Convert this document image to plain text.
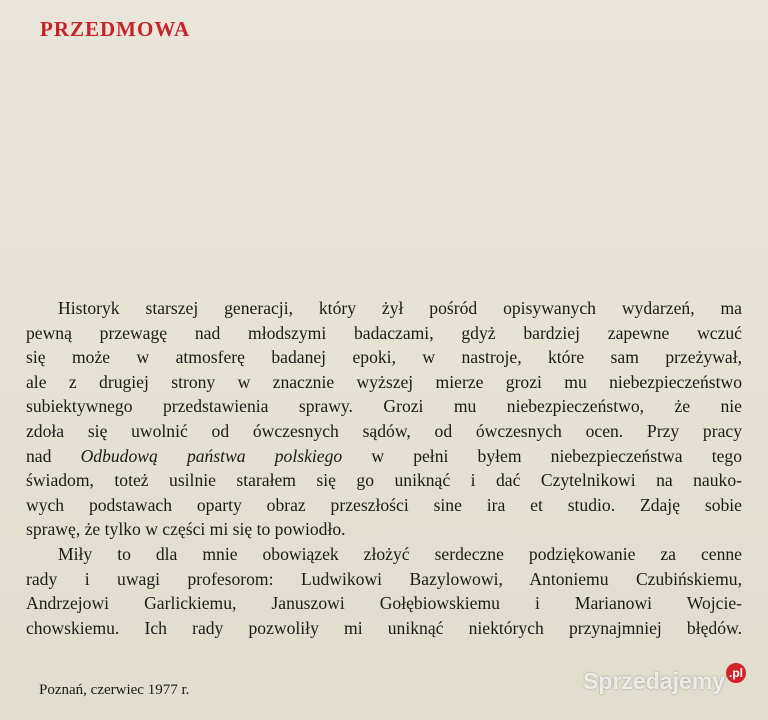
PRZEDMOWA
Historyk starszej generacji, który żył pośród opisywanych wydarzeń, ma
pewną przewagę nad młodszymi badaczami, gdyż bardziej zapewne wczuć
się może w atmosferę badanej epoki, w nastroje, które sam przeżywał,
ale z drugiej strony w znacznie wyższej mierze grozi mu niebezpieczeństwo
subiektywnego przedstawienia sprawy. Grozi mu niebezpieczeństwo, że nie
zdoła się uwolnić od ówczesnych sądów, od ówczesnych ocen. Przy pracy
nad Odbudową państwa polskiego w pełni byłem niebezpieczeństwa tego
świadom, toteż usilnie starałem się go uniknąć i dać Czytelnikowi na nauko-
wych podstawach oparty obraz przeszłości sine ira et studio. Zdaję sobie
sprawę, że tylko w części mi się to powiodło.
Miły to dla mnie obowiązek złożyć serdeczne podziękowanie za cenne
rady i uwagi profesorom: Ludwikowi Bazylowowi, Antoniemu Czubińskiemu,
Andrzejowi Garlickiemu, Januszowi Gołębiowskiemu i Marianowi Wojcie-
chowskiemu. Ich rady pozwoliły mi uniknąć niektórych przynajmniej błędów.
Poznań, czerwiec 1977 r.	Sprzedajemy .pl
